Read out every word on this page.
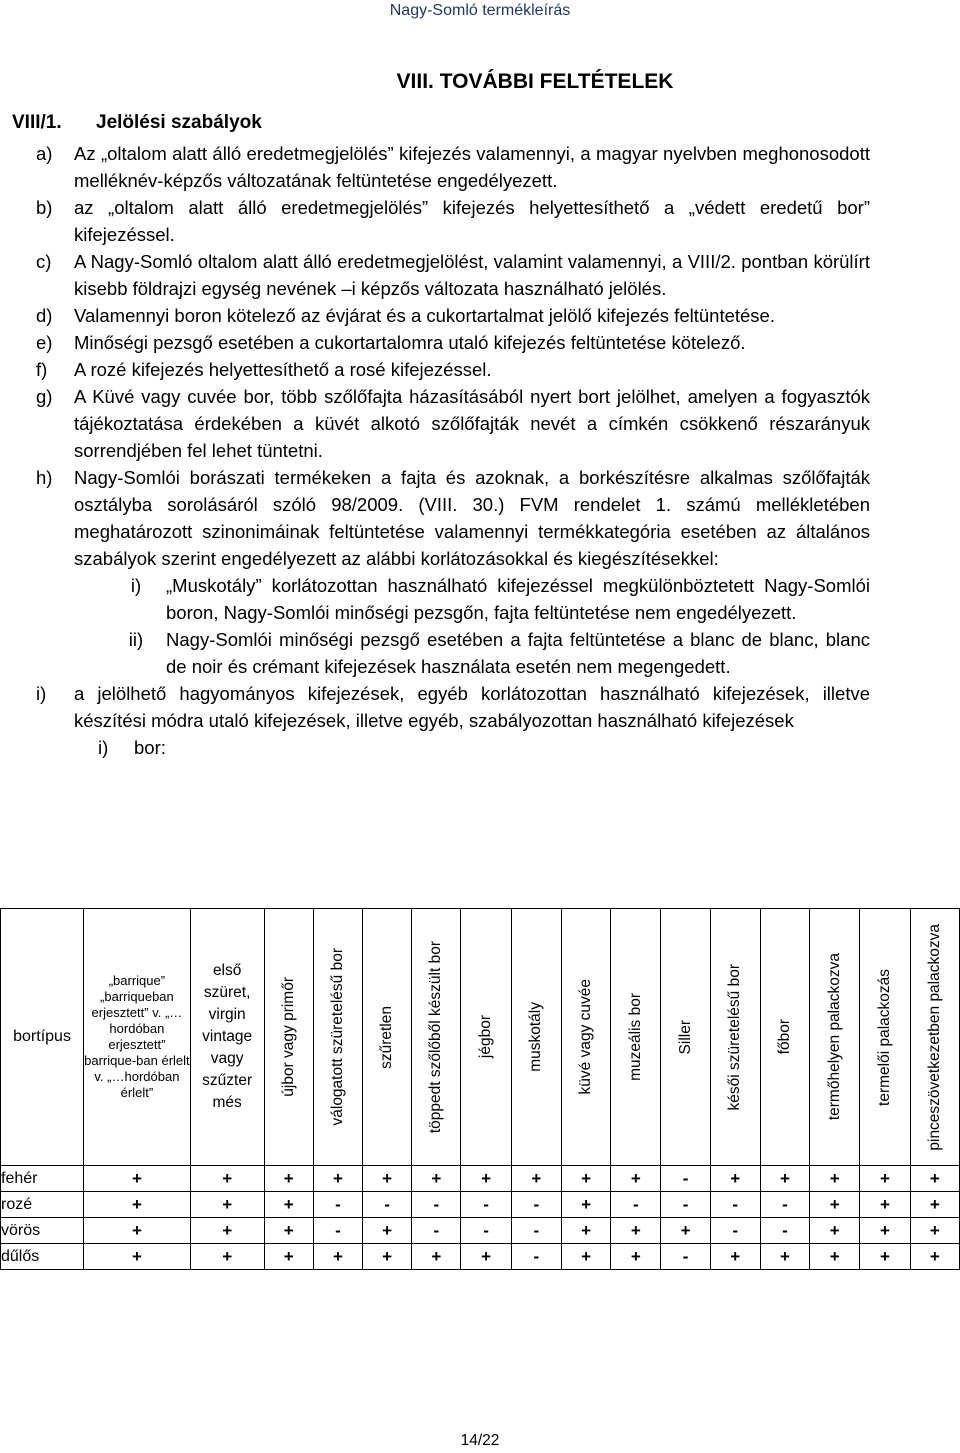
Nagy-Somló termékleírás
VIII. TOVÁBBI FELTÉTELEK
VIII/1. Jelölési szabályok
a)	Az „oltalom alatt álló eredetmegjelölés” kifejezés valamennyi, a magyar nyelvben meghonosodott melléknév-képzős változatának feltüntetése engedélyezett.
b)	az „oltalom alatt álló eredetmegjelölés” kifejezés helyettesíthető a „védett eredetű bor” kifejezéssel.
c)	A Nagy-Somló oltalom alatt álló eredetmegjelölést, valamint valamennyi, a VIII/2. pontban körülírt kisebb földrajzi egység nevének –i képzős változata használható jelölés.
d)	Valamennyi boron kötelező az évjárat és a cukortartalmat jelölő kifejezés feltüntetése.
e)	Minőségi pezsgő esetében a cukortartalomra utaló kifejezés feltüntetése kötelező.
f)	A rozé kifejezés helyettesíthető a rosé kifejezéssel.
g)	A Küvé vagy cuvée bor, több szőlőfajta házasításából nyert bort jelölhet, amelyen a fogyasztók tájékoztatása érdekében a küvét alkotó szőlőfajták nevét a címkén csökkenő részarányuk sorrendjében fel lehet tüntetni.
h)	Nagy-Somlói borászati termékeken a fajta és azoknak, a borkészítésre alkalmas szőlőfajták osztályba sorolásáról szóló 98/2009. (VIII. 30.) FVM rendelet 1. számú mellékletében meghatározott szinonimáinak feltüntetése valamennyi termékkategória esetében az általános szabályok szerint engedélyezett az alábbi korlátozásokkal és kiegészítésekkel:
i)	„Muskotály” korlátozottan használható kifejezéssel megkülönböztetett Nagy-Somlói boron, Nagy-Somlói minőségi pezsgőn, fajta feltüntetése nem engedélyezett.
ii)	Nagy-Somlói minőségi pezsgő esetében a fajta feltüntetése a blanc de blanc, blanc de noir és crémant kifejezések használata esetén nem megengedett.
i)	a jelölhető hagyományos kifejezések, egyéb korlátozottan használható kifejezések, illetve készítési módra utaló kifejezések, illetve egyéb, szabályozottan használható kifejezések
i) bor:
bortípus	„barrique” „barriqueban erjesztett” v. „…hordóban erjesztett” barrique-ban érlelt v. „…hordóban érlelt”	első szüret, virgin vintage vagy szűzter més	újbor vagy primőr	válogatott szüretelésű bor	szűretlen	töppedt szőlőből készült bor	jégbor	muskotály	küvé vagy cuvée	muzeális bor	Siller	késői szüretelésű bor	főbor	termőhelyen palackozva	termelői palackozás	pinceszövetkezetben palackozva

fehér	+	+	+	+	+	+	+	+	+	+	-	+	+	+	+	+
rozé	+	+	+	-	-	-	-	-	+	-	-	-	-	+	+	+
vörös	+	+	+	-	+	-	-	-	+	+	+	-	-	+	+	+
dűlős	+	+	+	+	+	+	+	-	+	+	-	+	+	+	+	+
14/22
